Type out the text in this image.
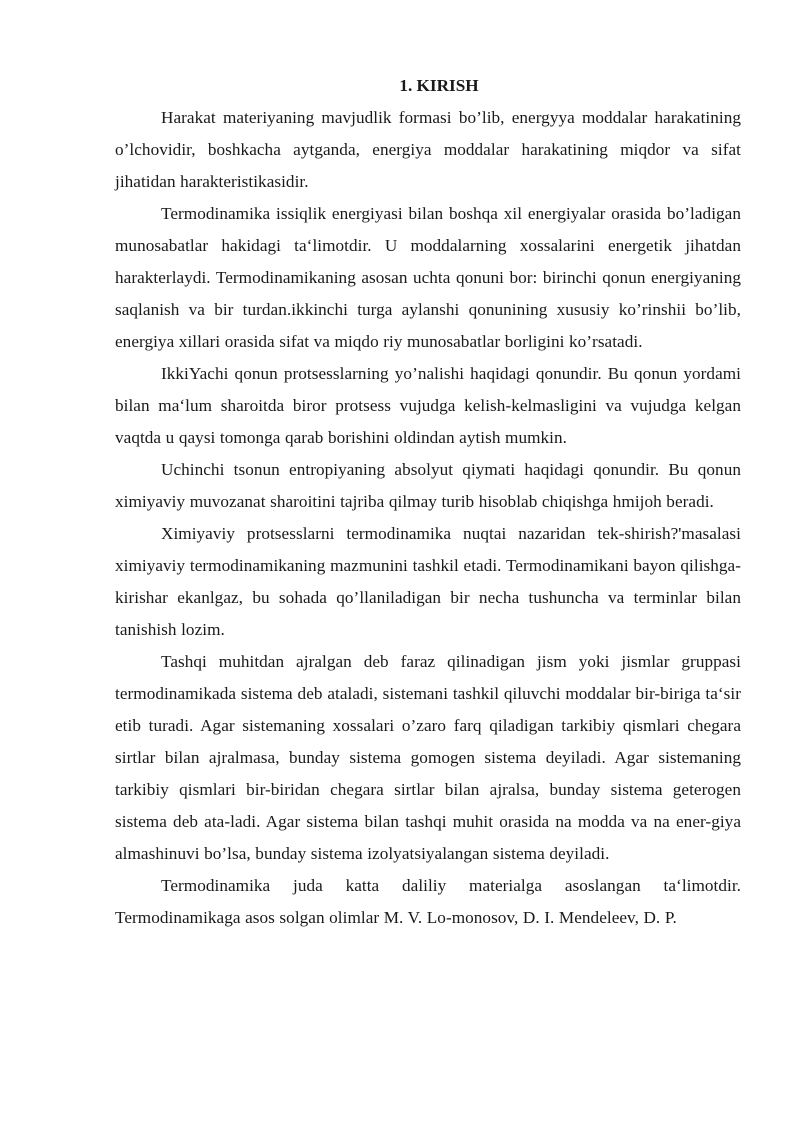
1. KIRISH

Harakat materiyaning mavjudlik formasi bo’lib, energyya moddalar harakatining o’lchovidir, boshkacha aytganda, energiya moddalar harakatining miqdor va sifat jihatidan harakteristikasidir.

Termodinamika issiqlik energiyasi bilan boshqa xil energiyalar orasida bo’ladigan munosabatlar hakidagi ta‘limotdir. U moddalarning xossalarini energetik jihatdan harakterlaydi. Termodinamikaning asosan uchta qonuni bor: birinchi qonun energiyaning saqlanish va bir turdan.ikkinchi turga aylanshi qonunining xususiy ko’rinshii bo’lib, energiya xillari orasida sifat va miqdo riy munosabatlar borligini ko’rsatadi.

IkkiYachi qonun protsesslarning yo’nalishi haqidagi qonundir. Bu qonun yordami bilan ma‘lum sharoitda biror protsess vujudga kelish-kelmasligini va vujudga kelgan vaqtda u qaysi tomonga qarab borishini oldindan aytish mumkin.

Uchinchi tsonun entropiyaning absolyut qiymati haqidagi qonundir. Bu qonun ximiyaviy muvozanat sharoitini tajriba qilmay turib hisoblab chiqishga hmijoh beradi.

Ximiyaviy protsesslarni termodinamika nuqtai nazaridan tek-shirish?'masalasi ximiyaviy termodinamikaning mazmunini tashkil etadi. Termodinamikani bayon qilishga-kirishar ekanlgaz, bu sohada qo’llaniladigan bir necha tushuncha va terminlar bilan tanishish lozim.

Tashqi muhitdan ajralgan deb faraz qilinadigan jism yoki jismlar gruppasi termodinamikada sistema deb ataladi, sistemani tashkil qiluvchi moddalar bir-biriga ta‘sir etib turadi. Agar sistemaning xossalari o’zaro farq qiladigan tarkibiy qismlari chegara sirtlar bilan ajralmasa, bunday sistema gomogen sistema deyiladi. Agar sistemaning tarkibiy qismlari bir-biridan chegara sirtlar bilan ajralsa, bunday sistema geterogen sistema deb ata-ladi. Agar sistema bilan tashqi muhit orasida na modda va na ener-giya almashinuvi bo’lsa, bunday sistema izolyatsiyalangan sistema deyiladi.

Termodinamika juda katta daliliy materialga asoslangan ta‘limotdir. Termodinamikaga asos solgan olimlar M. V. Lo-monosov, D. I. Mendeleev, D. P.
